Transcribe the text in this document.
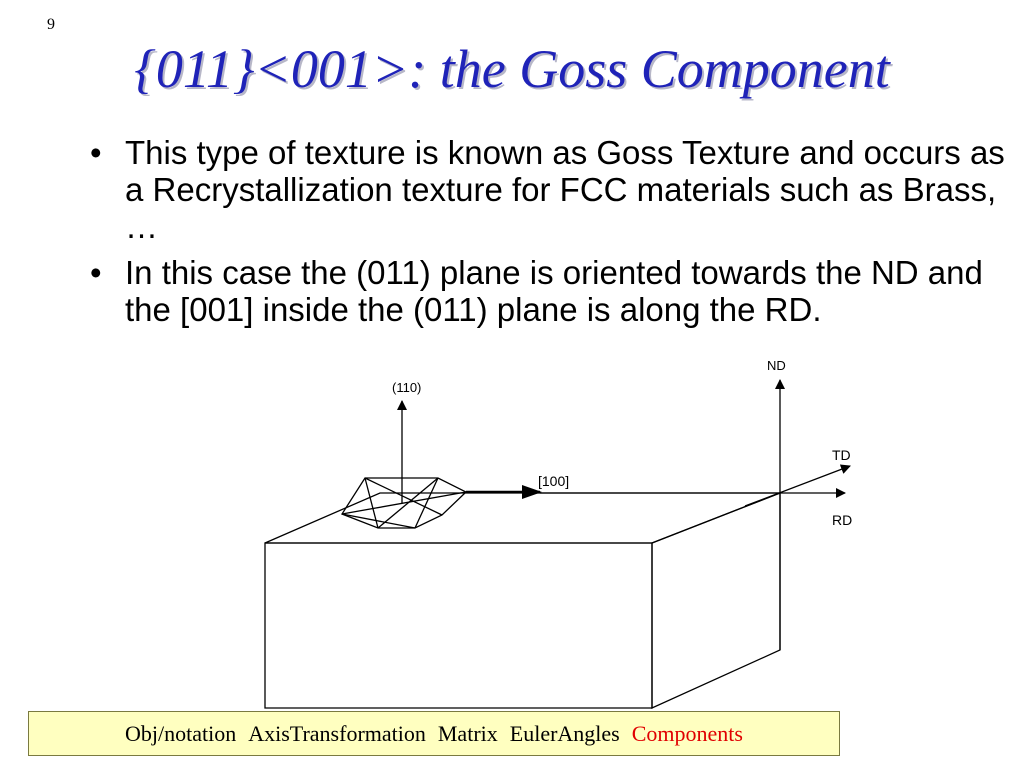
9
{011}<001>: the Goss Component
• This type of texture is known as Goss Texture and occurs as a Recrystallization texture for FCC materials such as Brass, …
• In this case the (011) plane is oriented towards the ND and the [001] inside the (011) plane is along the RD.
(110)
[100]
ND
TD
RD
Obj/notation AxisTransformation Matrix EulerAngles Components
